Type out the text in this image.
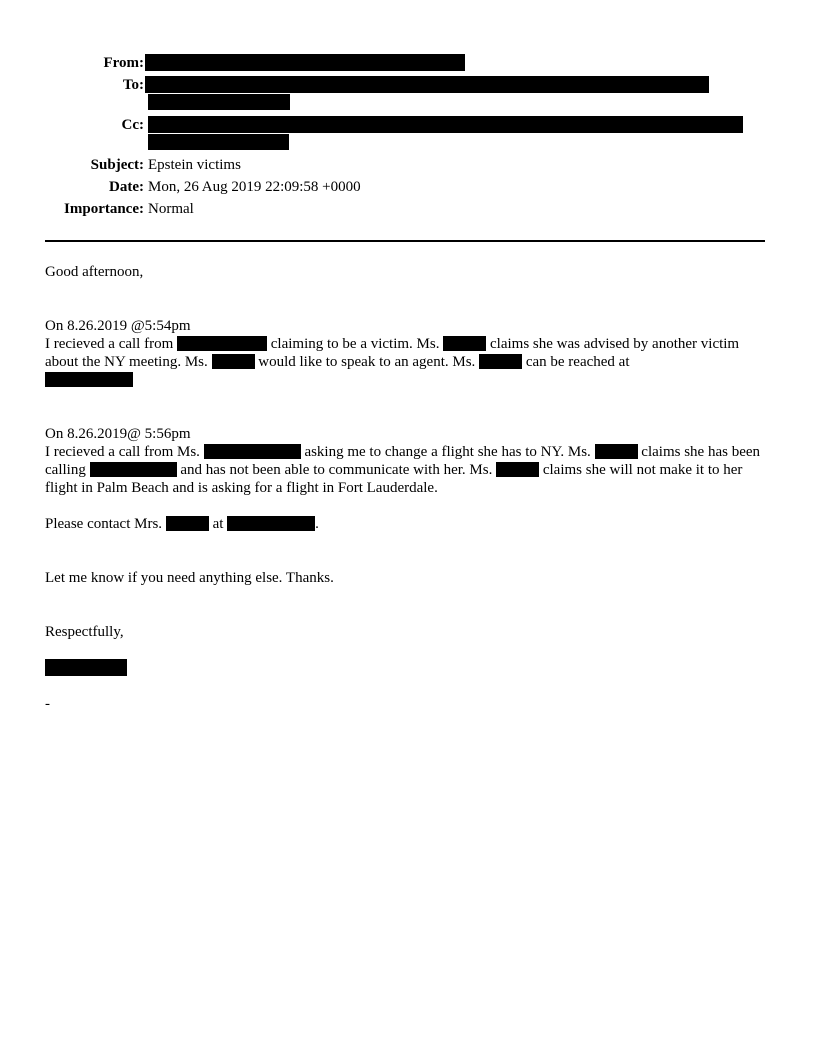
From:
To:
Cc:
Subject: Epstein victims
Date: Mon, 26 Aug 2019 22:09:58 +0000
Importance: Normal
Good afternoon,

On 8.26.2019 @5:54pm

I recieved a call from	claiming to be a victim. Ms.	claims she was advised by another victim about the NY meeting. Ms.	would like to speak to an agent. Ms.	can be reached at

On 8.26.2019@ 5:56pm

I recieved a call from Ms.	asking me to change a flight she has to NY. Ms.	claims she has been calling	and has not been able to communicate with her. Ms.	claims she will not make it to her flight in Palm Beach and is asking for a flight in Fort Lauderdale.

Please contact Mrs.	at	.
Let me know if you need anything else. Thanks.
Respectfully,
-
